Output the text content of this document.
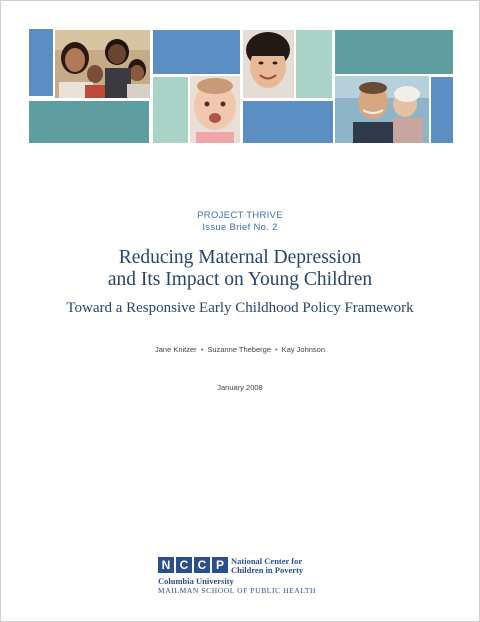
PROJECT THRIVE
Issue Brief No. 2
Reducing Maternal Depression
and Its Impact on Young Children
Toward a Responsive Early Childhood Policy Framework
Jane Knitzer • Suzanne Theberge • Kay Johnson
January 2008
N C C P National Center for
Children in Poverty
Columbia University
MAILMAN SCHOOL OF PUBLIC HEALTH
